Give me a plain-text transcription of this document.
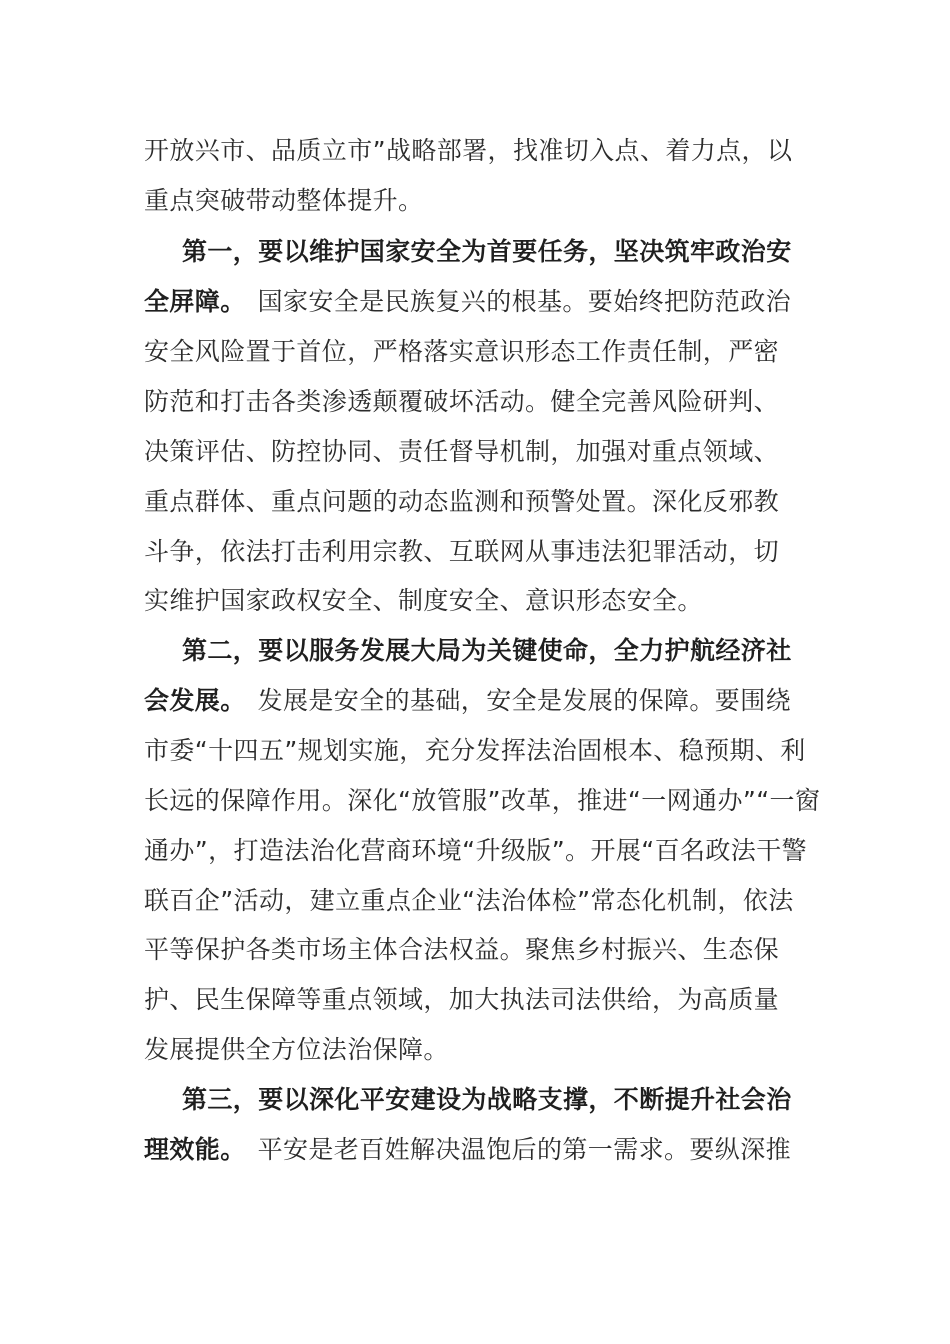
开放兴市、品质立市”战略部署，找准切入点、着力点，以
重点突破带动整体提升。
第一，要以维护国家安全为首要任务，坚决筑牢政治安
全屏障。 国家安全是民族复兴的根基。要始终把防范政治
安全风险置于首位，严格落实意识形态工作责任制，严密
防范和打击各类渗透颠覆破坏活动。健全完善风险研判、
决策评估、防控协同、责任督导机制，加强对重点领域、
重点群体、重点问题的动态监测和预警处置。深化反邪教
斗争，依法打击利用宗教、互联网从事违法犯罪活动，切
实维护国家政权安全、制度安全、意识形态安全。
第二，要以服务发展大局为关键使命，全力护航经济社
会发展。 发展是安全的基础，安全是发展的保障。要围绕
市委“十四五”规划实施，充分发挥法治固根本、稳预期、利
长远的保障作用。深化“放管服”改革，推进“一网通办”“一窗
通办”，打造法治化营商环境“升级版”。开展“百名政法干警
联百企”活动，建立重点企业“法治体检”常态化机制，依法
平等保护各类市场主体合法权益。聚焦乡村振兴、生态保
护、民生保障等重点领域，加大执法司法供给，为高质量
发展提供全方位法治保障。
第三，要以深化平安建设为战略支撑，不断提升社会治
理效能。 平安是老百姓解决温饱后的第一需求。要纵深推
